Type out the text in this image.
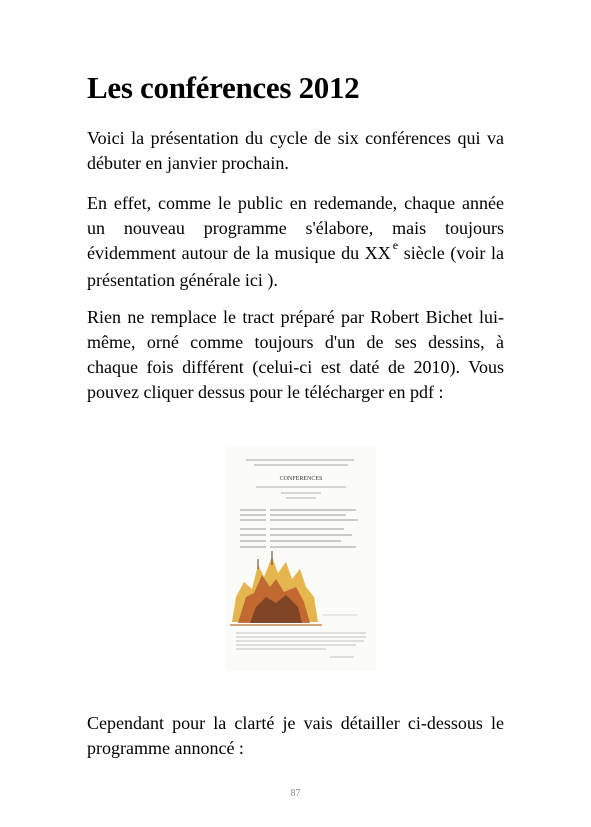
Les conférences 2012

Voici la présentation du cycle de six conférences qui va débuter en janvier prochain.

En effet, comme le public en redemande, chaque année un nouveau programme s'élabore, mais toujours évidemment autour de la musique du XX $^e$ siècle (voir la présentation générale ici ).

Rien ne remplace le tract préparé par Robert Bichet lui-même, orné comme toujours d'un de ses dessins, à chaque fois différent (celui-ci est daté de 2010). Vous pouvez cliquer dessus pour le télécharger en pdf :

CONFERENCES

Cependant pour la clarté je vais détailler ci-dessous le programme annoncé :

87
